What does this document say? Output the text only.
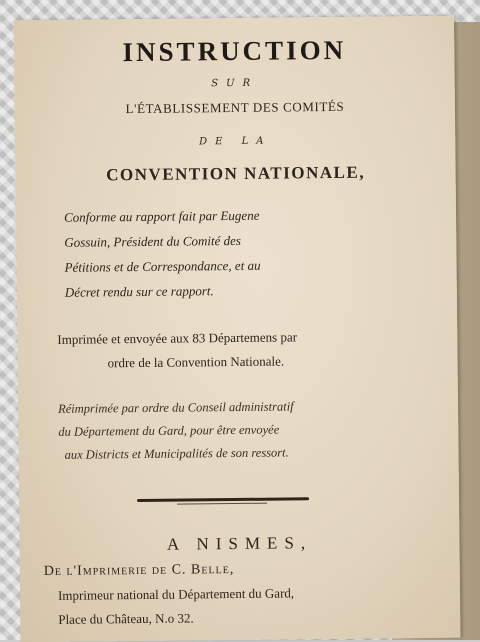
INSTRUCTION
SUR
L'ÉTABLISSEMENT DES COMITÉS
DE LA
CONVENTION NATIONALE,
Conforme au rapport fait par Eugene
Gossuin, Président du Comité des
Pétitions et de Correspondance, et au
Décret rendu sur ce rapport.
Imprimée et envoyée aux 83 Départemens par
ordre de la Convention Nationale.
Réimprimée par ordre du Conseil administratif
du Département du Gard, pour être envoyée
aux Districts et Municipalités de son ressort.
A NISMES,
De l'Imprimerie de C. Belle,
Imprimeur national du Département du Gard,
Place du Château, N.o 32.
